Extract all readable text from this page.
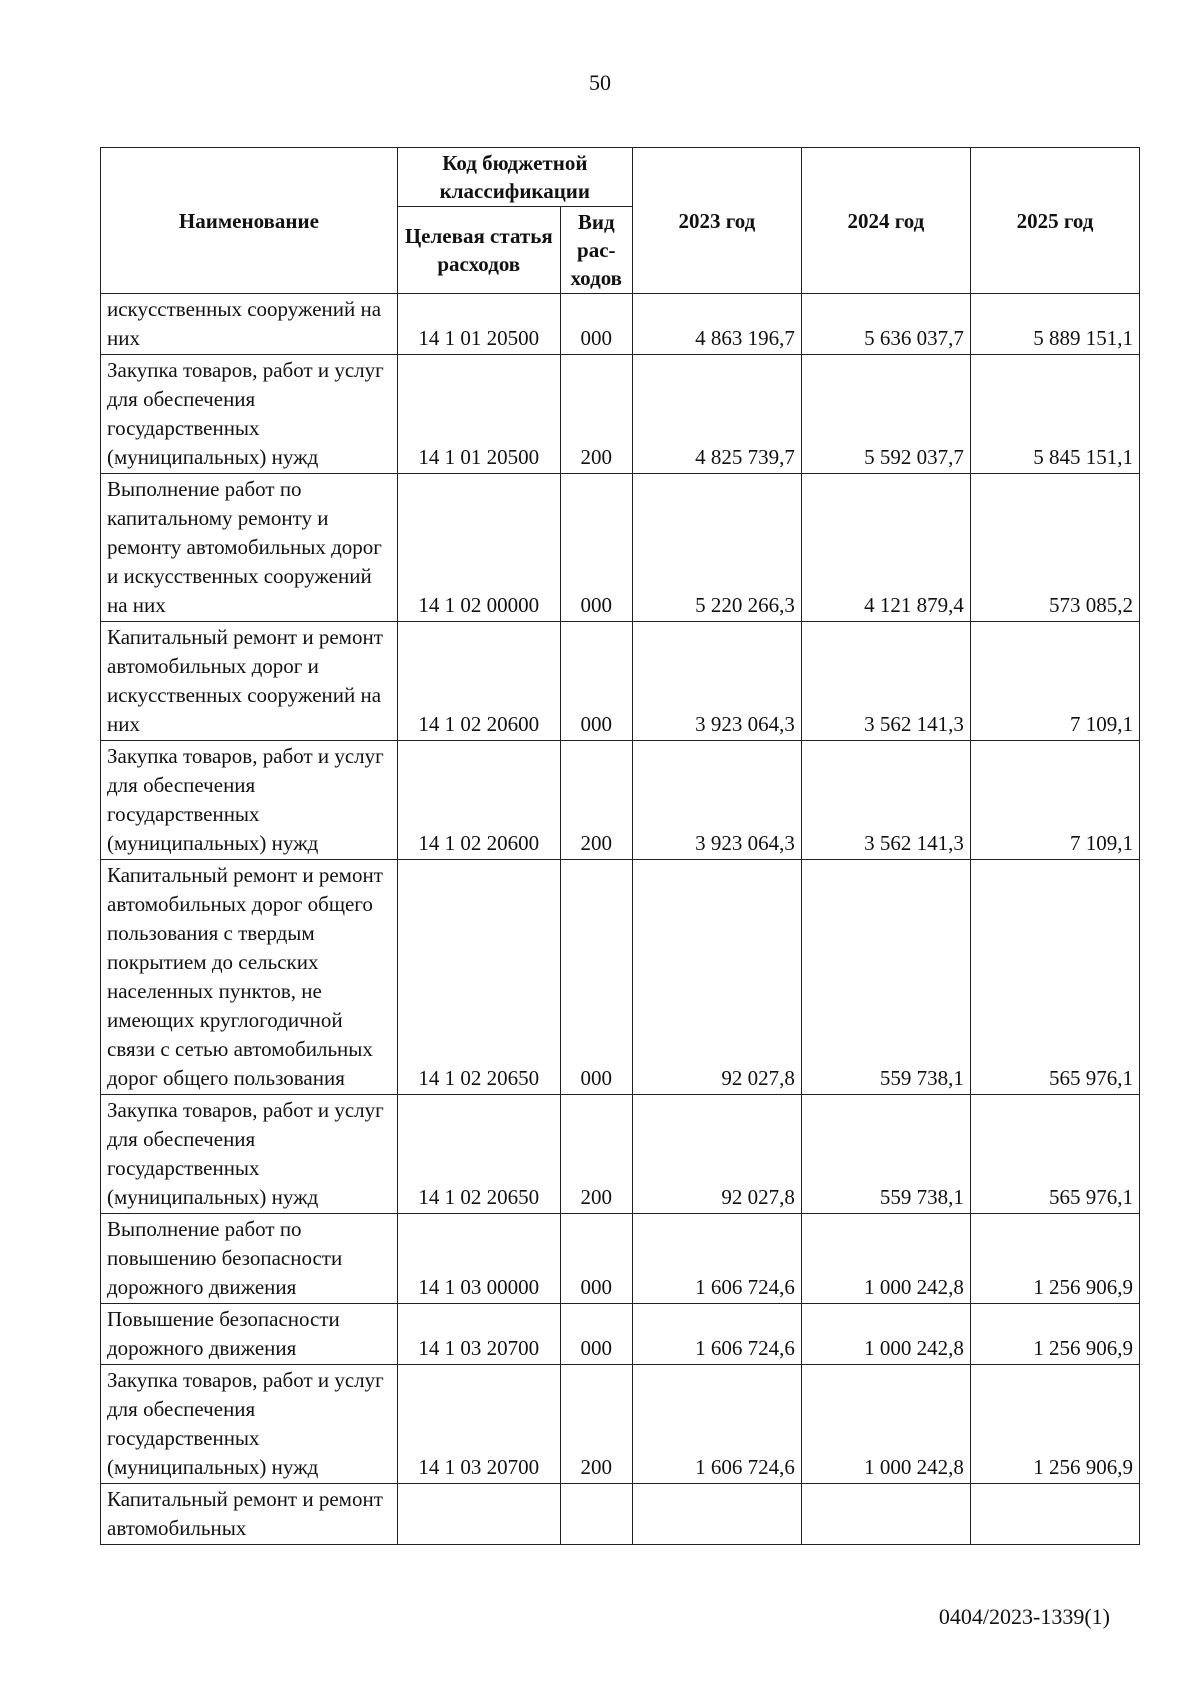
50
Наименование	Код бюджетной классификации		2023 год	2024 год	2025 год
	Целевая статья расходов	Вид рас-ходов			
искусственных сооружений на них	14 1 01 20500	000	4 863 196,7	5 636 037,7	5 889 151,1
Закупка товаров, работ и услуг для обеспечения государственных (муниципальных) нужд	14 1 01 20500	200	4 825 739,7	5 592 037,7	5 845 151,1
Выполнение работ по капитальному ремонту и ремонту автомобильных дорог и искусственных сооружений на них	14 1 02 00000	000	5 220 266,3	4 121 879,4	573 085,2
Капитальный ремонт и ремонт автомобильных дорог и искусственных сооружений на них	14 1 02 20600	000	3 923 064,3	3 562 141,3	7 109,1
Закупка товаров, работ и услуг для обеспечения государственных (муниципальных) нужд	14 1 02 20600	200	3 923 064,3	3 562 141,3	7 109,1
Капитальный ремонт и ремонт автомобильных дорог общего пользования с твердым покрытием до сельских населенных пунктов, не имеющих круглогодичной связи с сетью автомобильных дорог общего пользования	14 1 02 20650	000	92 027,8	559 738,1	565 976,1
Закупка товаров, работ и услуг для обеспечения государственных (муниципальных) нужд	14 1 02 20650	200	92 027,8	559 738,1	565 976,1
Выполнение работ по повышению безопасности дорожного движения	14 1 03 00000	000	1 606 724,6	1 000 242,8	1 256 906,9
Повышение безопасности дорожного движения	14 1 03 20700	000	1 606 724,6	1 000 242,8	1 256 906,9
Закупка товаров, работ и услуг для обеспечения государственных (муниципальных) нужд	14 1 03 20700	200	1 606 724,6	1 000 242,8	1 256 906,9
Капитальный ремонт и ремонт автомобильных					
0404/2023-1339(1)
